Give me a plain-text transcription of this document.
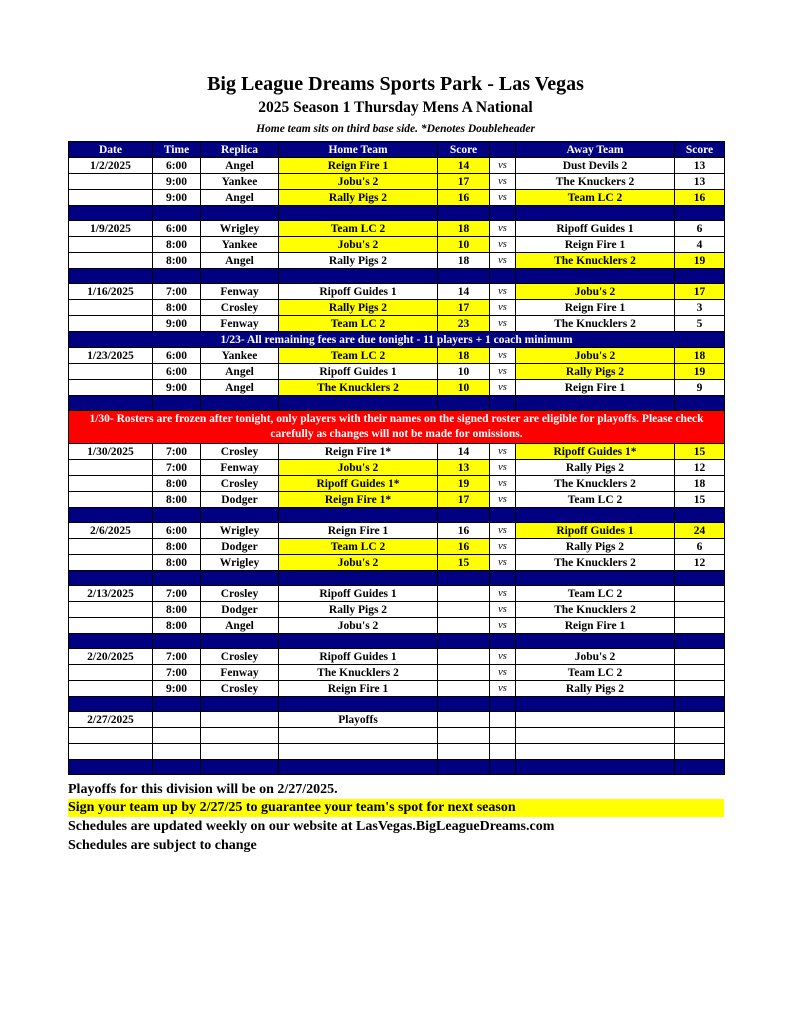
Big League Dreams Sports Park - Las Vegas
2025 Season 1 Thursday Mens A National
Home team sits on third base side. *Denotes Doubleheader
Date	Time	Replica	Home Team	Score		Away Team	Score
1/2/2025	6:00	Angel	Reign Fire 1	14	vs	Dust Devils 2	13
	9:00	Yankee	Jobu's 2	17	vs	The Knuckers 2	13
	9:00	Angel	Rally Pigs 2	16	vs	Team LC 2	16

1/9/2025	6:00	Wrigley	Team LC 2	18	vs	Ripoff Guides 1	6
	8:00	Yankee	Jobu's 2	10	vs	Reign Fire 1	4
	8:00	Angel	Rally Pigs 2	18	vs	The Knucklers 2	19

1/16/2025	7:00	Fenway	Ripoff Guides 1	14	vs	Jobu's 2	17
	8:00	Crosley	Rally Pigs 2	17	vs	Reign Fire 1	3
	9:00	Fenway	Team LC 2	23	vs	The Knucklers 2	5
1/23- All remaining fees are due tonight - 11 players + 1 coach minimum							
1/23/2025	6:00	Yankee	Team LC 2	18	vs	Jobu's 2	18
	6:00	Angel	Ripoff Guides 1	10	vs	Rally Pigs 2	19
	9:00	Angel	The Knucklers 2	10	vs	Reign Fire 1	9

1/30- Rosters are frozen after tonight, only players with their names on the signed roster are eligible for playoffs. Please check carefully as changes will not be made for omissions.							
1/30/2025	7:00	Crosley	Reign Fire 1*	14	vs	Ripoff Guides 1*	15
	7:00	Fenway	Jobu's 2	13	vs	Rally Pigs 2	12
	8:00	Crosley	Ripoff Guides 1*	19	vs	The Knucklers 2	18
	8:00	Dodger	Reign Fire 1*	17	vs	Team LC 2	15

2/6/2025	6:00	Wrigley	Reign Fire 1	16	vs	Ripoff Guides 1	24
	8:00	Dodger	Team LC 2	16	vs	Rally Pigs 2	6
	8:00	Wrigley	Jobu's 2	15	vs	The Knucklers 2	12

2/13/2025	7:00	Crosley	Ripoff Guides 1		vs	Team LC 2	
	8:00	Dodger	Rally Pigs 2		vs	The Knucklers 2	
	8:00	Angel	Jobu's 2		vs	Reign Fire 1	

2/20/2025	7:00	Crosley	Ripoff Guides 1		vs	Jobu's 2	
	7:00	Fenway	The Knucklers 2		vs	Team LC 2	
	9:00	Crosley	Reign Fire 1		vs	Rally Pigs 2	

2/27/2025			Playoffs				

Playoffs for this division will be on 2/27/2025.
Sign your team up by 2/27/25 to guarantee your team's spot for next season
Schedules are updated weekly on our website at LasVegas.BigLeagueDreams.com
Schedules are subject to change
